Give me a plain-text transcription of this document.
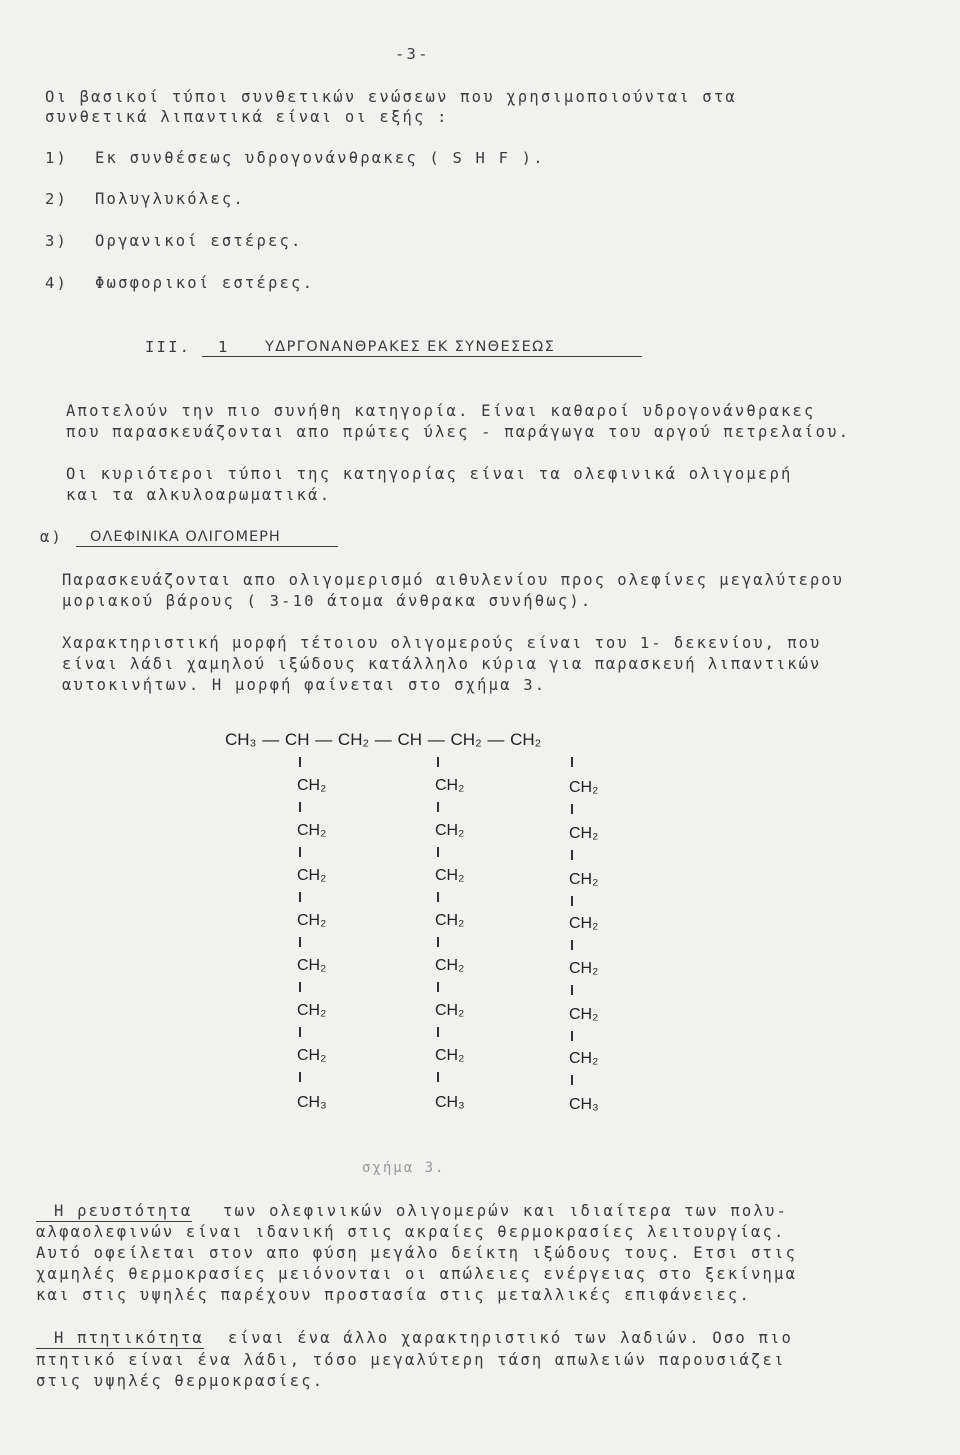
-3-
Οι βασικοί τύποι συνθετικών ενώσεων που χρησιμοποιούνται στα
συνθετικά λιπαντικά είναι οι εξής :
1) Εκ συνθέσεως υδρογονάνθρακες ( S H F ).
2) Πολυγλυκόλες.
3) Οργανικοί εστέρες.
4) Φωσφορικοί εστέρες.
III. 1 ΥΔΡΓΟΝΑΝΘΡΑΚΕΣ ΕΚ ΣΥΝΘΕΣΕΩΣ
Αποτελούν την πιο συνήθη κατηγορία. Είναι καθαροί υδρογονάνθρακες
που παρασκευάζονται απο πρώτες ύλες - παράγωγα του αργού πετρελαίου.
Οι κυριότεροι τύποι της κατηγορίας είναι τα ολεφινικά ολιγομερή
και τα αλκυλοαρωματικά.
α) ΟΛΕΦΙΝΙΚΑ ΟΛΙΓΟΜΕΡΗ
Παρασκευάζονται απο ολιγομερισμό αιθυλενίου προς ολεφίνες μεγαλύτερου
μοριακού βάρους ( 3-10 άτομα άνθρακα συνήθως).
Χαρακτηριστική μορφή τέτοιου ολιγομερούς είναι του 1- δεκενίου, που
είναι λάδι χαμηλού ιξώδους κατάλληλο κύρια για παρασκευή λιπαντικών
αυτοκινήτων. Η μορφή φαίνεται στο σχήμα 3.
CH₃ — CH — CH₂ — CH — CH₂ — CH₂
CH₂
CH₂
CH₂
CH₂
CH₂
CH₂
CH₂
CH₃
CH₂
CH₂
CH₂
CH₂
CH₂
CH₂
CH₂
CH₃
CH₂
CH₂
CH₂
CH₂
CH₂
CH₂
CH₂
CH₃
σχήμα 3.
Η ρευστότητα των ολεφινικών ολιγομερών και ιδιαίτερα των πολυ-
αλφαολεφινών είναι ιδανική στις ακραίες θερμοκρασίες λειτουργίας.
Αυτό οφείλεται στον απο φύση μεγάλο δείκτη ιξώδους τους. Ετσι στις
χαμηλές θερμοκρασίες μειόνονται οι απώλειες ενέργειας στο ξεκίνημα
και στις υψηλές παρέχουν προστασία στις μεταλλικές επιφάνειες.
Η πτητικότητα είναι ένα άλλο χαρακτηριστικό των λαδιών. Οσο πιο
πτητικό είναι ένα λάδι, τόσο μεγαλύτερη τάση απωλειών παρουσιάζει
στις υψηλές θερμοκρασίες.
